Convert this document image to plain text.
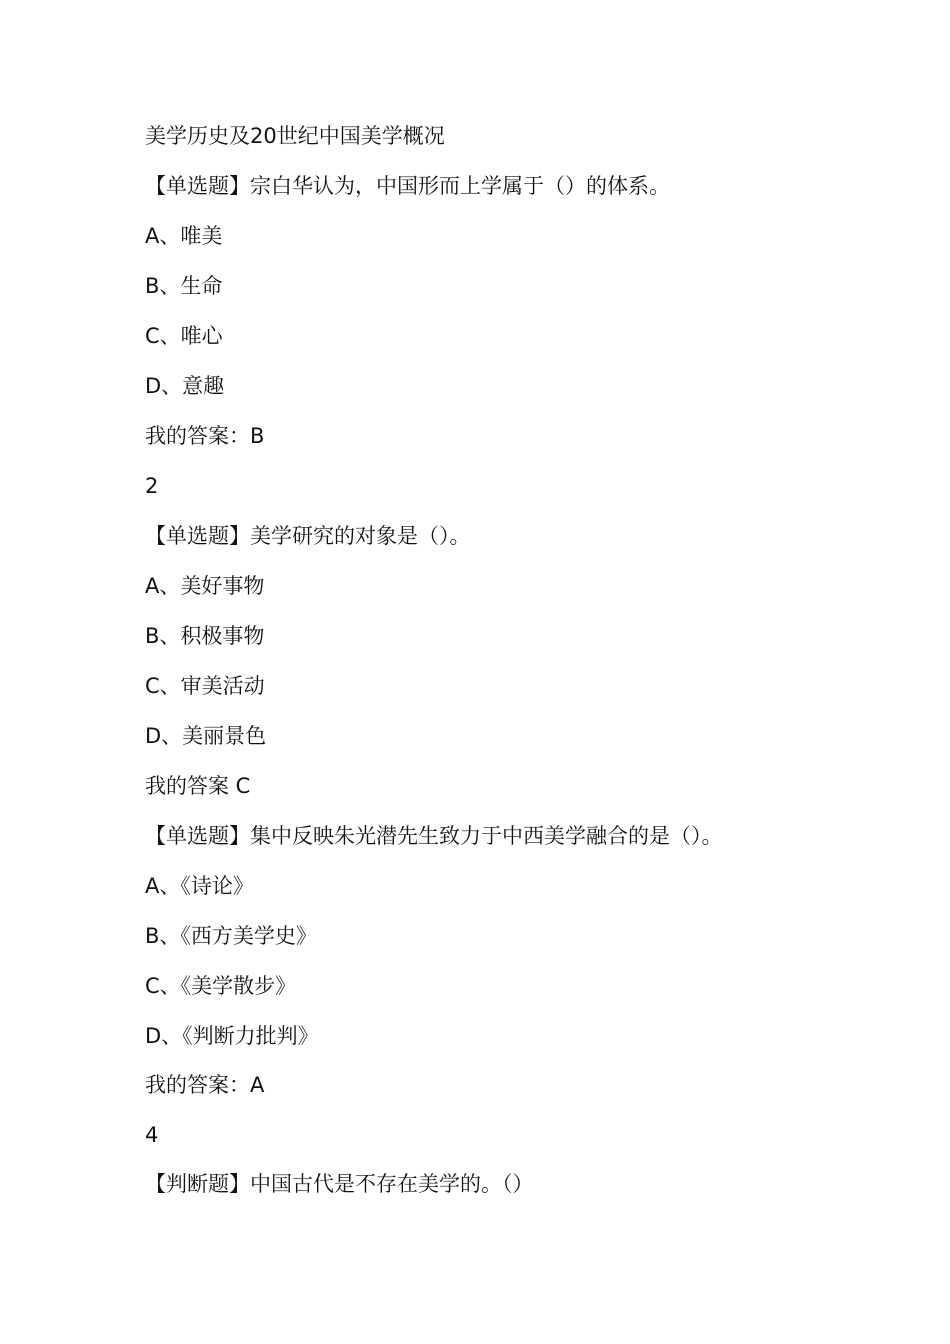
美学历史及20世纪中国美学概况
【单选题】宗白华认为，中国形而上学属于（）的体系。
A、唯美
B、生命
C、唯心
D、意趣
我的答案：B
2
【单选题】美学研究的对象是（）。
A、美好事物
B、积极事物
C、审美活动
D、美丽景色
我的答案 C
【单选题】集中反映朱光潜先生致力于中西美学融合的是（）。
A、《诗论》
B、《西方美学史》
C、《美学散步》
D、《判断力批判》
我的答案：A
4
【判断题】中国古代是不存在美学的。（）
